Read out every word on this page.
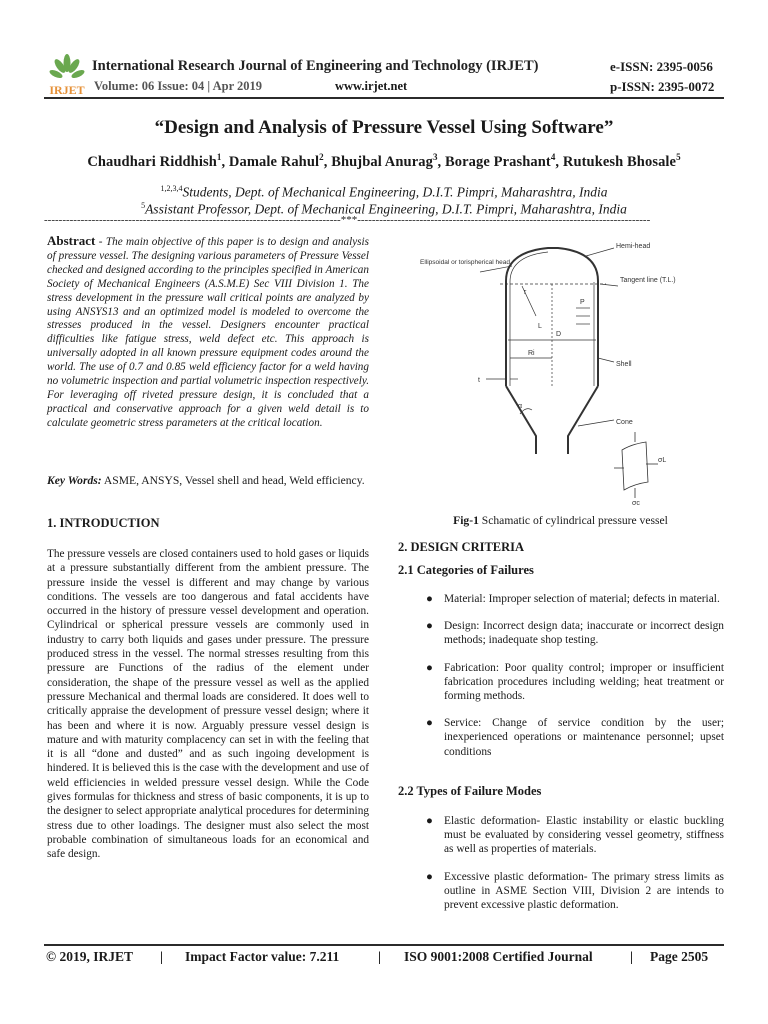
IRJET
International Research Journal of Engineering and Technology (IRJET)	e-ISSN: 2395-0056
Volume: 06 Issue: 04 | Apr 2019	www.irjet.net	p-ISSN: 2395-0072
“Design and Analysis of Pressure Vessel Using Software”
Chaudhari Riddhish$^1$, Damale Rahul$^2$, Bhujbal Anurag$^3$, Borage Prashant$^4$, Rutukesh Bhosale$^5$
$^{1,2,3,4}$Students, Dept. of Mechanical Engineering, D.I.T. Pimpri, Maharashtra, India
$^5$Assistant Professor, Dept. of Mechanical Engineering, D.I.T. Pimpri, Maharashtra, India
---------------------------------------------------------------------------------***--------------------------------------------------------------------------------
Abstract - The main objective of this paper is to design and analysis of pressure vessel. The designing various parameters of Pressure Vessel checked and designed according to the principles specified in American Society of Mechanical Engineers (A.S.M.E) Sec VIII Division 1. The stress development in the pressure wall critical points are analyzed by using ANSYS13 and an optimized model is modeled to overcome the stresses produced in the vessel. Designers encounter practical difficulties like fatigue stress, weld defect etc. This approach is universally adopted in all known pressure equipment codes around the world. The use of 0.7 and 0.85 weld efficiency factor for a weld having no volumetric inspection and partial volumetric inspection respectively. For leveraging off riveted pressure design, it is concluded that a practical and conservative approach for a given weld detail is to calculate geometric stress parameters at the critical location.
Key Words: ASME, ANSYS, Vessel shell and head, Weld efficiency.
1. INTRODUCTION
The pressure vessels are closed containers used to hold gases or liquids at a pressure substantially different from the ambient pressure. The pressure inside the vessel is different and may change by various conditions. The vessels are too dangerous and fatal accidents have occurred in the history of pressure vessel development and operation. Cylindrical or spherical pressure vessels are commonly used in industry to carry both liquids and gases under pressure. The pressure produced stress in the vessel. The normal stresses resulting from this pressure are Functions of the radius of the element under consideration, the shape of the pressure vessel as well as the applied pressure Mechanical and thermal loads are considered. It does well to critically appraise the development of pressure vessel design; where it has been and where it is now. Arguably pressure vessel design is mature and with maturity complacency can set in with the feeling that it is all “done and dusted” and as such ingoing development is hindered. It is believed this is the case with the development and use of weld efficiencies in welded pressure vessel design. While the Code gives formulas for thickness and stress of basic components, it is up to the designer to select appropriate analytical procedures for determining stress due to other loadings. The designer must also select the most probable combination of simultaneous loads for an economical and safe design.
Ellipsoidal or torispherical head
Hemi-head
Tangent line (T.L.)
P
r
L
D
Ri
Shell
t
α
Cone
σL
σc
Fig-1 Schamatic of cylindrical pressure vessel
2. DESIGN CRITERIA
2.1 Categories of Failures
● Material: Improper selection of material; defects in material.
● Design: Incorrect design data; inaccurate or incorrect design methods; inadequate shop testing.
● Fabrication: Poor quality control; improper or insufficient fabrication procedures including welding; heat treatment or forming methods.
● Service: Change of service condition by the user; inexperienced operations or maintenance personnel; upset conditions
2.2 Types of Failure Modes
● Elastic deformation- Elastic instability or elastic buckling must be evaluated by considering vessel geometry, stiffness as well as properties of materials.
● Excessive plastic deformation- The primary stress limits as outline in ASME Section VIII, Division 2 are intends to prevent excessive plastic deformation.
© 2019, IRJET | Impact Factor value: 7.211	| ISO 9001:2008 Certified Journal	| Page 2505
